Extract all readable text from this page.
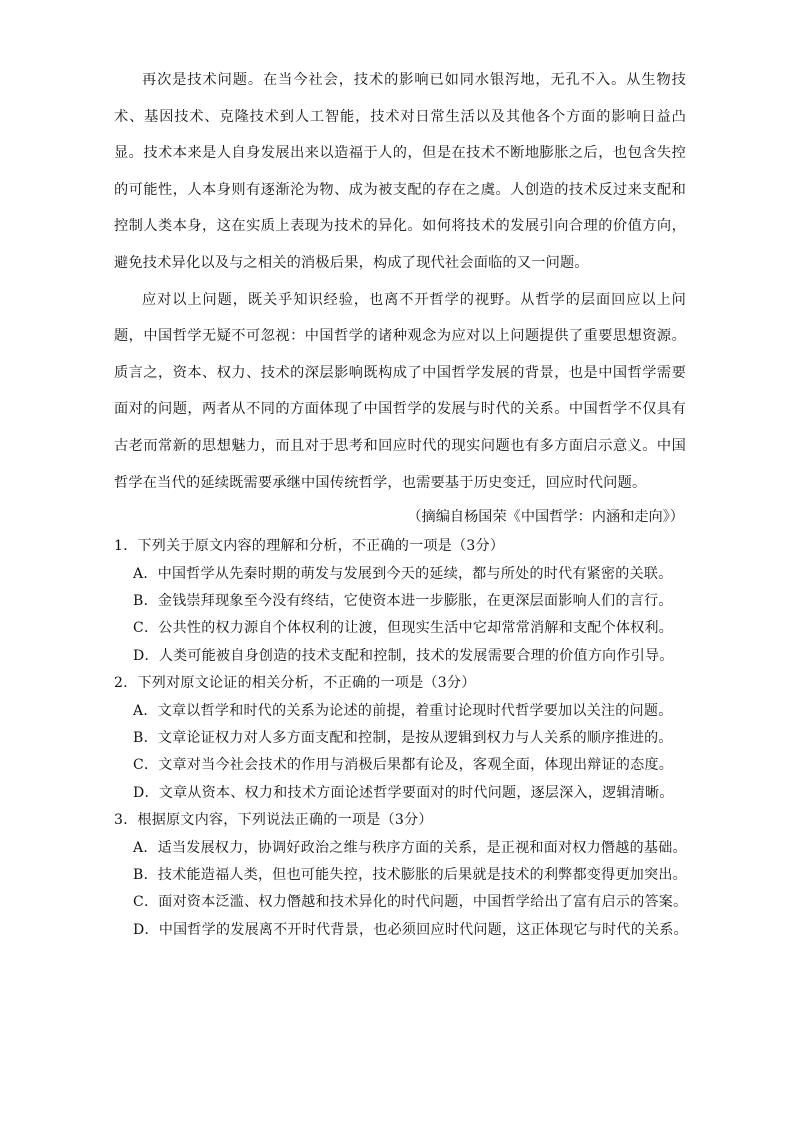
再次是技术问题。在当今社会，技术的影响已如同水银泻地，无孔不入。从生物技术、基因技术、克隆技术到人工智能，技术对日常生活以及其他各个方面的影响日益凸显。技术本来是人自身发展出来以造福于人的，但是在技术不断地膨胀之后，也包含失控的可能性，人本身则有逐渐沦为物、成为被支配的存在之虞。人创造的技术反过来支配和控制人类本身，这在实质上表现为技术的异化。如何将技术的发展引向合理的价值方向，避免技术异化以及与之相关的消极后果，构成了现代社会面临的又一问题。

应对以上问题，既关乎知识经验，也离不开哲学的视野。从哲学的层面回应以上问题，中国哲学无疑不可忽视：中国哲学的诸种观念为应对以上问题提供了重要思想资源。质言之，资本、权力、技术的深层影响既构成了中国哲学发展的背景，也是中国哲学需要面对的问题，两者从不同的方面体现了中国哲学的发展与时代的关系。中国哲学不仅具有古老而常新的思想魅力，而且对于思考和回应时代的现实问题也有多方面启示意义。中国哲学在当代的延续既需要承继中国传统哲学，也需要基于历史变迁，回应时代问题。

（摘编自杨国荣《中国哲学：内涵和走向》）

1．下列关于原文内容的理解和分析，不正确的一项是（3分）

A．中国哲学从先秦时期的萌发与发展到今天的延续，都与所处的时代有紧密的关联。

B．金钱崇拜现象至今没有终结，它使资本进一步膨胀，在更深层面影响人们的言行。

C．公共性的权力源自个体权利的让渡，但现实生活中它却常常消解和支配个体权利。

D．人类可能被自身创造的技术支配和控制，技术的发展需要合理的价值方向作引导。

2．下列对原文论证的相关分析，不正确的一项是（3分）

A．文章以哲学和时代的关系为论述的前提，着重讨论现时代哲学要加以关注的问题。

B．文章论证权力对人多方面支配和控制，是按从逻辑到权力与人关系的顺序推进的。

C．文章对当今社会技术的作用与消极后果都有论及，客观全面，体现出辩证的态度。

D．文章从资本、权力和技术方面论述哲学要面对的时代问题，逐层深入，逻辑清晰。

3．根据原文内容，下列说法正确的一项是（3分）

A．适当发展权力，协调好政治之维与秩序方面的关系，是正视和面对权力僭越的基础。

B．技术能造福人类，但也可能失控，技术膨胀的后果就是技术的利弊都变得更加突出。

C．面对资本泛滥、权力僭越和技术异化的时代问题，中国哲学给出了富有启示的答案。

D．中国哲学的发展离不开时代背景，也必须回应时代问题，这正体现它与时代的关系。
